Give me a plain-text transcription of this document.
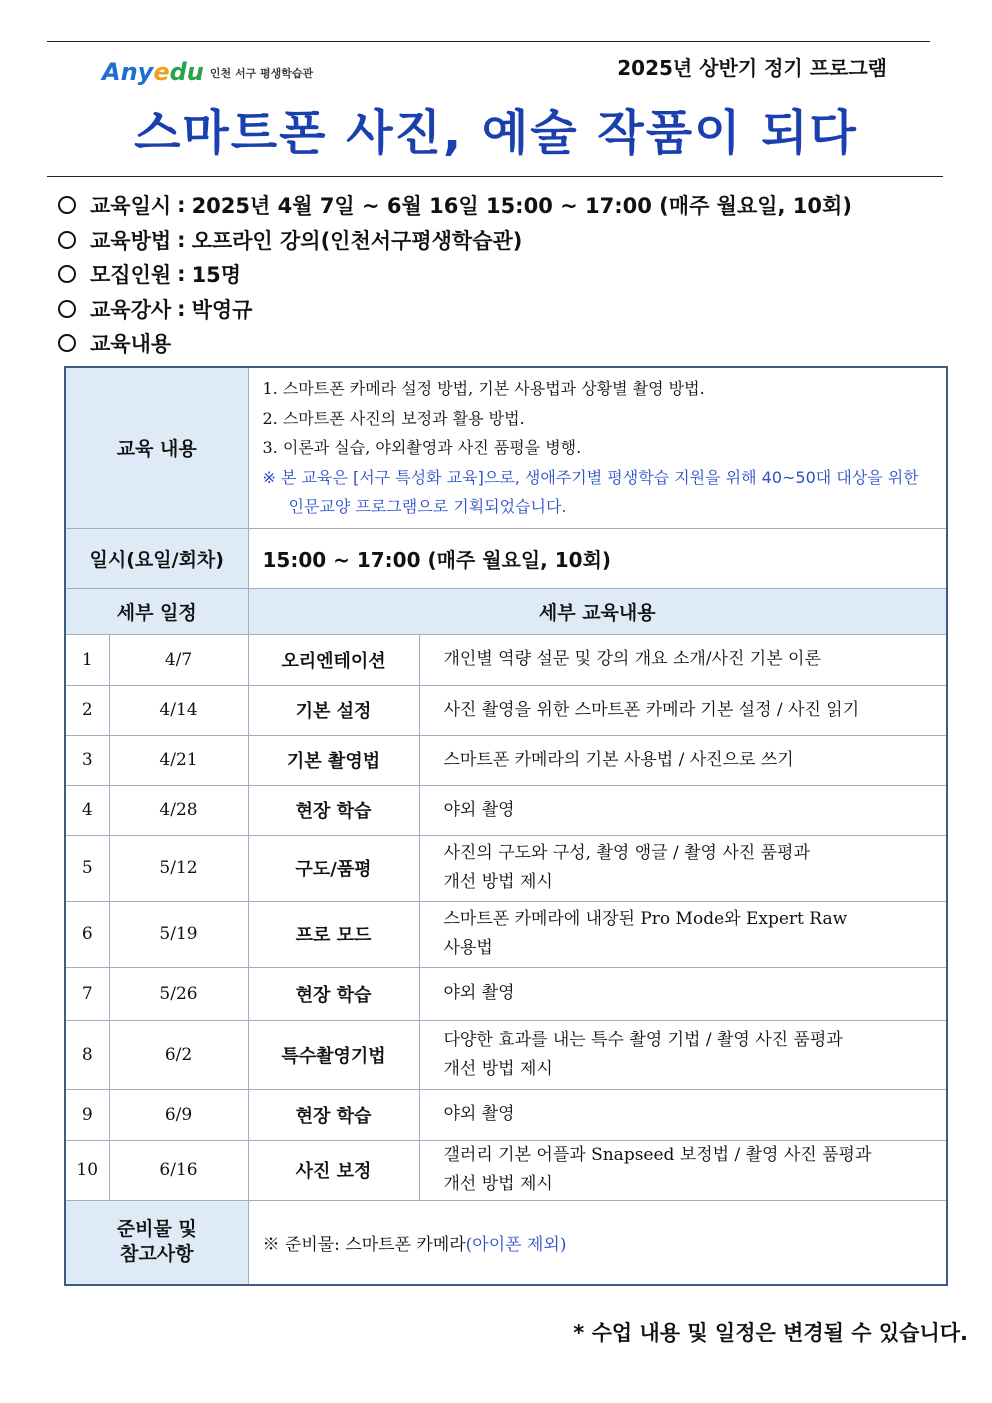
Anyedu 인천 서구 평생학습관	2025년 상반기 정기 프로그램
스마트폰 사진, 예술 작품이 되다
교육일시 : 2025년 4월 7일 ~ 6월 16일 15:00 ~ 17:00 (매주 월요일, 10회)
교육방법 : 오프라인 강의(인천서구평생학습관)
모집인원 : 15명
교육강사 : 박영규
교육내용
교육 내용		1. 스마트폰 카메라 설정 방법, 기본 사용법과 상황별 촬영 방법.
2. 스마트폰 사진의 보정과 활용 방법.
3. 이론과 실습, 야외촬영과 사진 품평을 병행.
※ 본 교육은 [서구 특성화 교육]으로, 생애주기별 평생학습 지원을 위해 40~50대 대상을 위한
인문교양 프로그램으로 기획되었습니다.	

일시(요일/회차)		15:00 ~ 17:00 (매주 월요일, 10회)	
세부 일정		세부 교육내용	
1	4/7	오리엔테이션	개인별 역량 설문 및 강의 개요 소개/사진 기본 이론

2	4/14	기본 설정	사진 촬영을 위한 스마트폰 카메라 기본 설정 / 사진 읽기

3	4/21	기본 촬영법	스마트폰 카메라의 기본 사용법 / 사진으로 쓰기

4	4/28	현장 학습	야외 촬영

5	5/12	구도/품평	사진의 구도와 구성, 촬영 앵글 / 촬영 사진 품평과
개선 방법 제시

6	5/19	프로 모드	스마트폰 카메라에 내장된 Pro Mode와 Expert Raw
사용법

7	5/26	현장 학습	야외 촬영

8	6/2	특수촬영기법	다양한 효과를 내는 특수 촬영 기법 / 촬영 사진 품평과
개선 방법 제시

9	6/9	현장 학습	야외 촬영

10	6/16	사진 보정	갤러리 기본 어플과 Snapseed 보정법 / 촬영 사진 품평과
개선 방법 제시

준비물 및
참고사항		※ 준비물: 스마트폰 카메라(아이폰 제외)	
* 수업 내용 및 일정은 변경될 수 있습니다.
